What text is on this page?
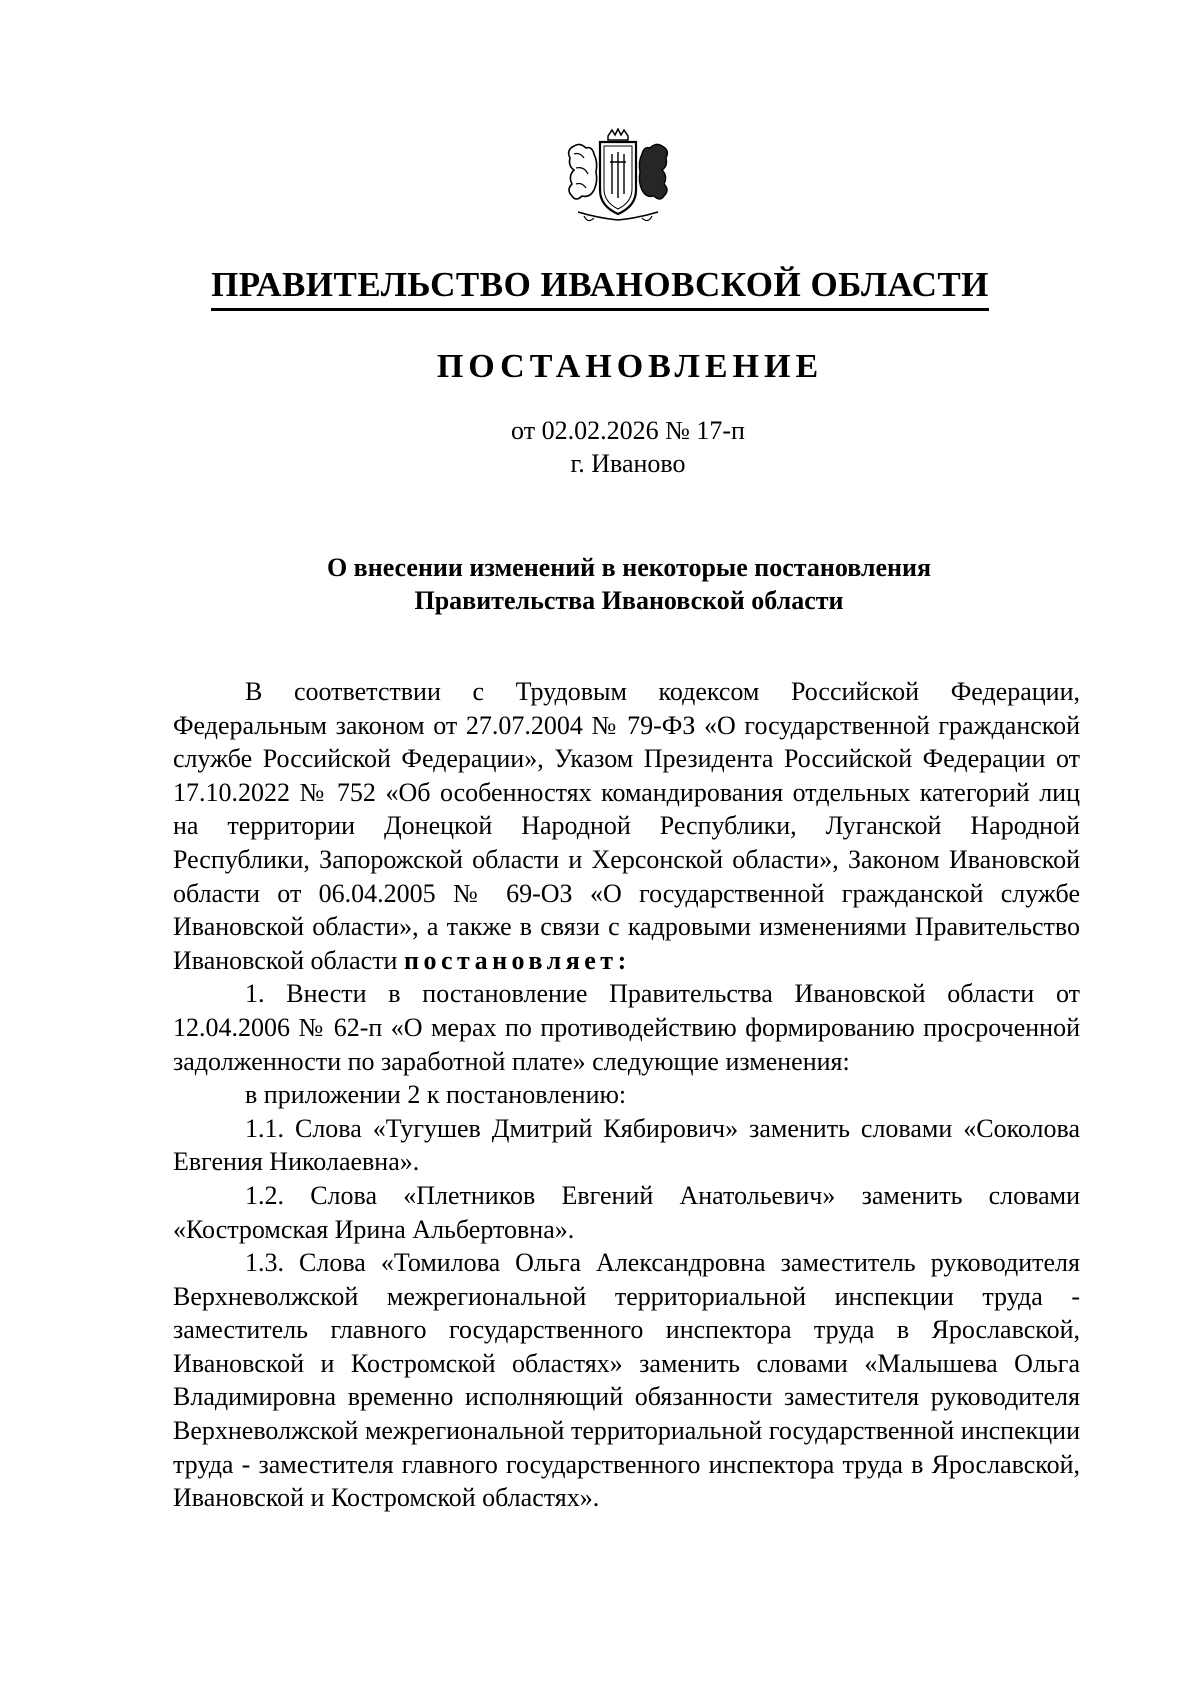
ПРАВИТЕЛЬСТВО ИВАНОВСКОЙ ОБЛАСТИ
ПОСТАНОВЛЕНИЕ
от 02.02.2026 № 17-п
г. Иваново
О внесении изменений в некоторые постановления
Правительства Ивановской области

В соответствии с Трудовым кодексом Российской Федерации, Федеральным законом от 27.07.2004 № 79-ФЗ «О государственной гражданской службе Российской Федерации», Указом Президента Российской Федерации от 17.10.2022 № 752 «Об особенностях командирования отдельных категорий лиц на территории Донецкой Народной Республики, Луганской Народной Республики, Запорожской области и Херсонской области», Законом Ивановской области от 06.04.2005 № 69-ОЗ «О государственной гражданской службе Ивановской области», а также в связи с кадровыми изменениями Правительство Ивановской области постановляет:

1. Внести в постановление Правительства Ивановской области от 12.04.2006 № 62-п «О мерах по противодействию формированию просроченной задолженности по заработной плате» следующие изменения:

в приложении 2 к постановлению:

1.1. Слова «Тугушев Дмитрий Кябирович» заменить словами «Соколова Евгения Николаевна».

1.2. Слова «Плетников Евгений Анатольевич» заменить словами «Костромская Ирина Альбертовна».

1.3. Слова «Томилова Ольга Александровна заместитель руководителя Верхневолжской межрегиональной территориальной инспекции труда - заместитель главного государственного инспектора труда в Ярославской, Ивановской и Костромской областях» заменить словами «Малышева Ольга Владимировна временно исполняющий обязанности заместителя руководителя Верхневолжской межрегиональной территориальной государственной инспекции труда - заместителя главного государственного инспектора труда в Ярославской, Ивановской и Костромской областях».
